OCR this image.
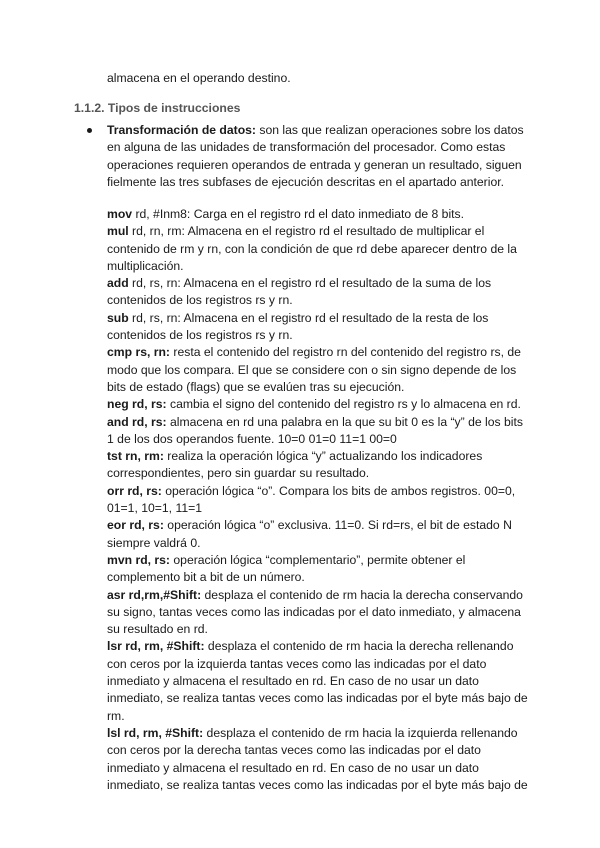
almacena en el operando destino.

1.1.2. Tipos de instrucciones

Transformación de datos: son las que realizan operaciones sobre los datos en alguna de las unidades de transformación del procesador. Como estas operaciones requieren operandos de entrada y generan un resultado, siguen fielmente las tres subfases de ejecución descritas en el apartado anterior.

mov rd, #Inm8: Carga en el registro rd el dato inmediato de 8 bits.
mul rd, rn, rm: Almacena en el registro rd el resultado de multiplicar el contenido de rm y rn, con la condición de que rd debe aparecer dentro de la multiplicación.
add rd, rs, rn: Almacena en el registro rd el resultado de la suma de los contenidos de los registros rs y rn.
sub rd, rs, rn: Almacena en el registro rd el resultado de la resta de los contenidos de los registros rs y rn.
cmp rs, rn: resta el contenido del registro rn del contenido del registro rs, de modo que los compara. El que se considere con o sin signo depende de los bits de estado (flags) que se evalúen tras su ejecución.
neg rd, rs: cambia el signo del contenido del registro rs y lo almacena en rd.
and rd, rs: almacena en rd una palabra en la que su bit 0 es la “y” de los bits 1 de los dos operandos fuente. 10=0 01=0 11=1 00=0
tst rn, rm: realiza la operación lógica “y” actualizando los indicadores correspondientes, pero sin guardar su resultado.
orr rd, rs: operación lógica “o”. Compara los bits de ambos registros. 00=0, 01=1, 10=1, 11=1
eor rd, rs: operación lógica “o” exclusiva. 11=0. Si rd=rs, el bit de estado N siempre valdrá 0.
mvn rd, rs: operación lógica “complementario”, permite obtener el complemento bit a bit de un número.
asr rd,rm,#Shift: desplaza el contenido de rm hacia la derecha conservando su signo, tantas veces como las indicadas por el dato inmediato, y almacena su resultado en rd.
lsr rd, rm, #Shift: desplaza el contenido de rm hacia la derecha rellenando con ceros por la izquierda tantas veces como las indicadas por el dato inmediato y almacena el resultado en rd. En caso de no usar un dato inmediato, se realiza tantas veces como las indicadas por el byte más bajo de rm.
lsl rd, rm, #Shift: desplaza el contenido de rm hacia la izquierda rellenando con ceros por la derecha tantas veces como las indicadas por el dato inmediato y almacena el resultado en rd. En caso de no usar un dato inmediato, se realiza tantas veces como las indicadas por el byte más bajo de
